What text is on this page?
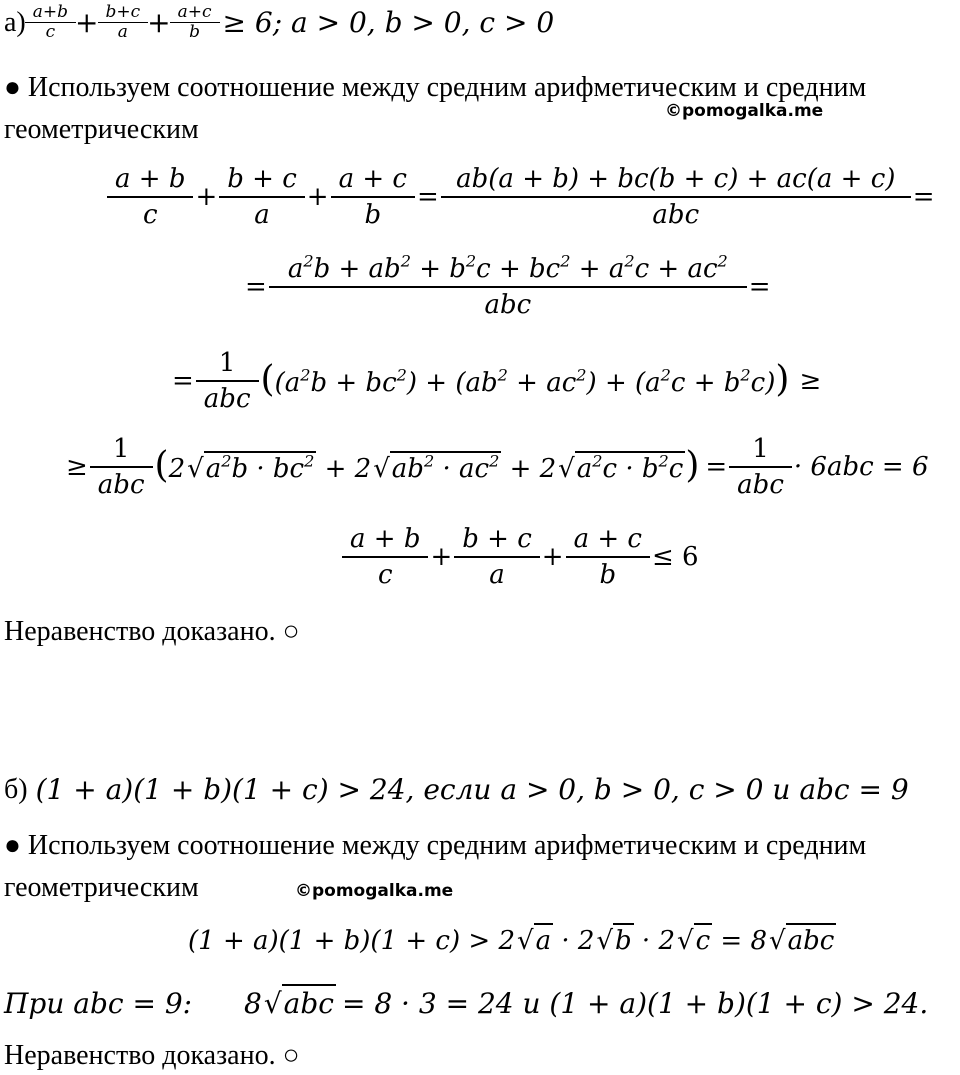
$а) \frac{a+b}{c} + \frac{b+c}{a} + \frac{a+c}{b} \ge 6$; a > 0, b > 0, c > 0
● Используем соотношение между средним арифметическим и средним
©pomogalka.me
геометрическим
$\frac{a + b}{c} + \frac{b + c}{a} + \frac{a + c}{b} = \frac{ab(a + b) + bc(b + c) + ac(a + c)}{\text{abc}}$ =
= $\frac{a^2b + ab^2 + b^2c + bc^2 + a^2c + ac^2}{\text{abc}}$ =
= $\frac{1}{\text{abc}} ((a^2b + bc^2) + (ab^2 + ac^2) + (a^2c + b^2c))$ ≥
≥ $\frac{1}{\text{abc}} (2√a^2b \cdot bc^2 + 2√ab^2 \cdot ac^2 + 2√a^2c \cdot b^2c) = \frac{1}{\text{abc}} \cdot 6abc = 6$
$\frac{a + b}{c} + \frac{b + c}{a} + \frac{a + c}{b} \le 6$
Неравенство доказано. ○
б) (1 + a)(1 + b)(1 + c) > 24, если a > 0, b > 0, c > 0 и abc = 9
● Используем соотношение между средним арифметическим и средним
геометрическим	©pomogalka.me
(1 + a)(1 + b)(1 + c) > 2√a · 2√b · 2√c = 8√abc
При abc = 9:	8√abc = 8 · 3 = 24 и (1 + a)(1 + b)(1 + c) > 24.
Неравенство доказано. ○
